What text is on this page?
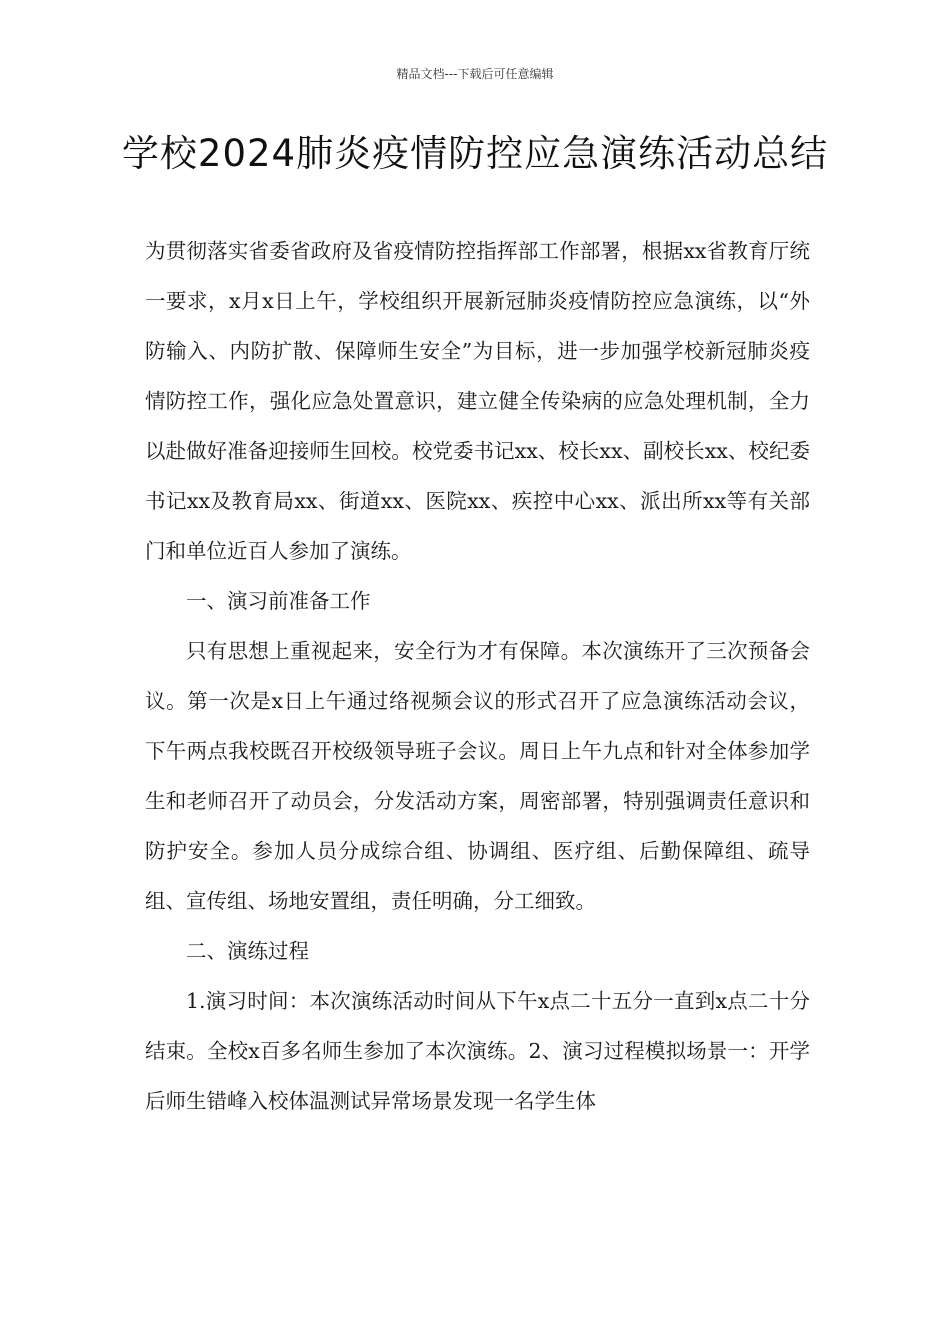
精品文档---下载后可任意编辑
学校2024肺炎疫情防控应急演练活动总结

为贯彻落实省委省政府及省疫情防控指挥部工作部署，根据xx省教育厅统一要求，x月x日上午，学校组织开展新冠肺炎疫情防控应急演练，以“外防输入、内防扩散、保障师生安全”为目标，进一步加强学校新冠肺炎疫情防控工作，强化应急处置意识，建立健全传染病的应急处理机制，全力以赴做好准备迎接师生回校。校党委书记xx、校长xx、副校长xx、校纪委书记xx及教育局xx、街道xx、医院xx、疾控中心xx、派出所xx等有关部门和单位近百人参加了演练。

一、演习前准备工作

只有思想上重视起来，安全行为才有保障。本次演练开了三次预备会议。第一次是x日上午通过络视频会议的形式召开了应急演练活动会议，下午两点我校既召开校级领导班子会议。周日上午九点和针对全体参加学生和老师召开了动员会，分发活动方案，周密部署，特别强调责任意识和防护安全。参加人员分成综合组、协调组、医疗组、后勤保障组、疏导组、宣传组、场地安置组，责任明确，分工细致。

二、演练过程

1.演习时间：本次演练活动时间从下午x点二十五分一直到x点二十分结束。全校x百多名师生参加了本次演练。2、演习过程模拟场景一：开学后师生错峰入校体温测试异常场景发现一名学生体
